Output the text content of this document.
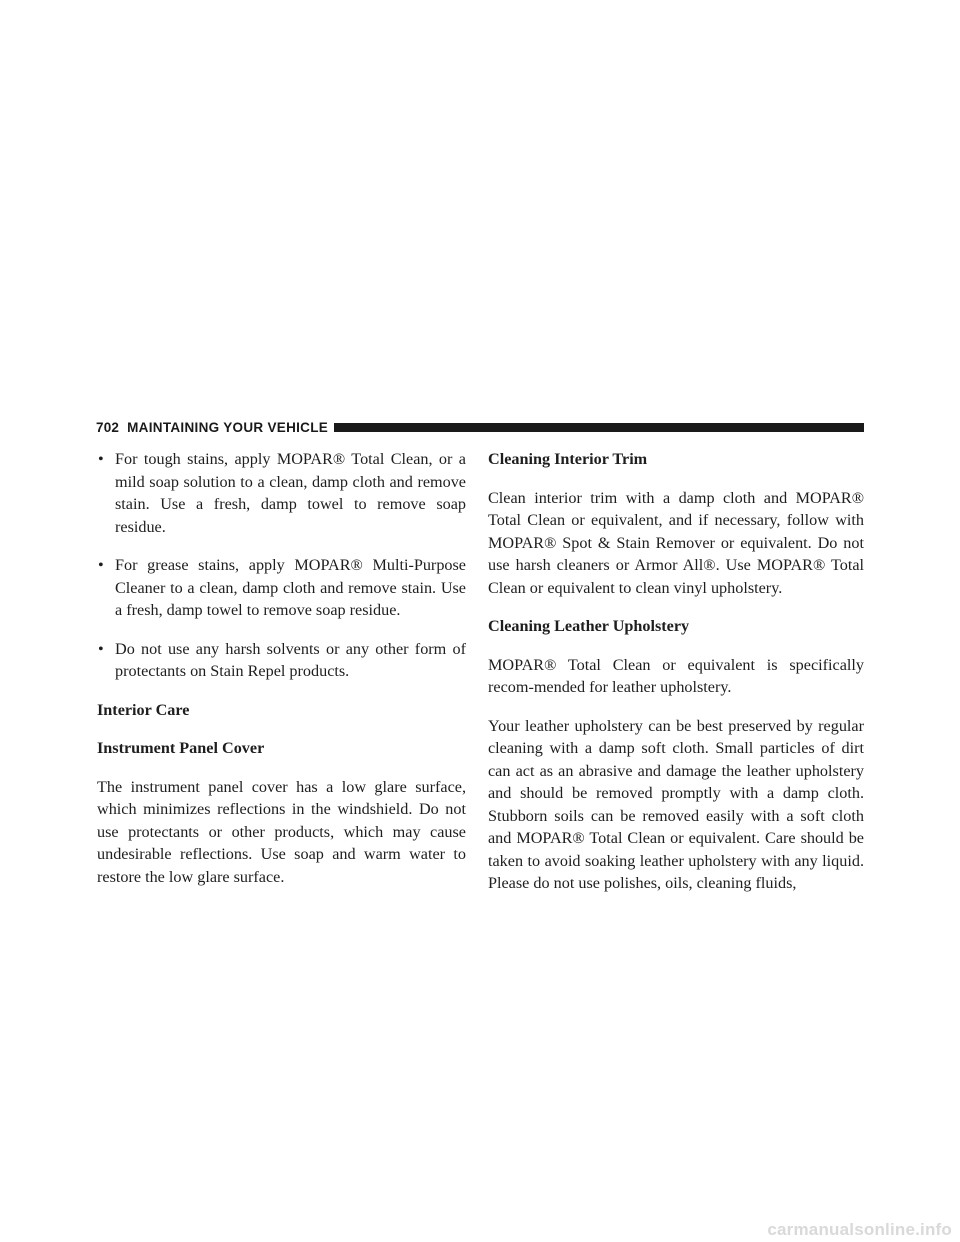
702 MAINTAINING YOUR VEHICLE
• For tough stains, apply MOPAR® Total Clean, or a mild soap solution to a clean, damp cloth and remove stain. Use a fresh, damp towel to remove soap residue.
• For grease stains, apply MOPAR® Multi-Purpose Cleaner to a clean, damp cloth and remove stain. Use a fresh, damp towel to remove soap residue.
• Do not use any harsh solvents or any other form of protectants on Stain Repel products.
Interior Care
Instrument Panel Cover
The instrument panel cover has a low glare surface, which minimizes reflections in the windshield. Do not use protectants or other products, which may cause undesirable reflections. Use soap and warm water to restore the low glare surface.
Cleaning Interior Trim
Clean interior trim with a damp cloth and MOPAR® Total Clean or equivalent, and if necessary, follow with MOPAR® Spot & Stain Remover or equivalent. Do not use harsh cleaners or Armor All®. Use MOPAR® Total Clean or equivalent to clean vinyl upholstery.
Cleaning Leather Upholstery
MOPAR® Total Clean or equivalent is specifically recom-mended for leather upholstery.
Your leather upholstery can be best preserved by regular cleaning with a damp soft cloth. Small particles of dirt can act as an abrasive and damage the leather upholstery and should be removed promptly with a damp cloth. Stubborn soils can be removed easily with a soft cloth and MOPAR® Total Clean or equivalent. Care should be taken to avoid soaking leather upholstery with any liquid. Please do not use polishes, oils, cleaning fluids,
carmanualsonline.info
